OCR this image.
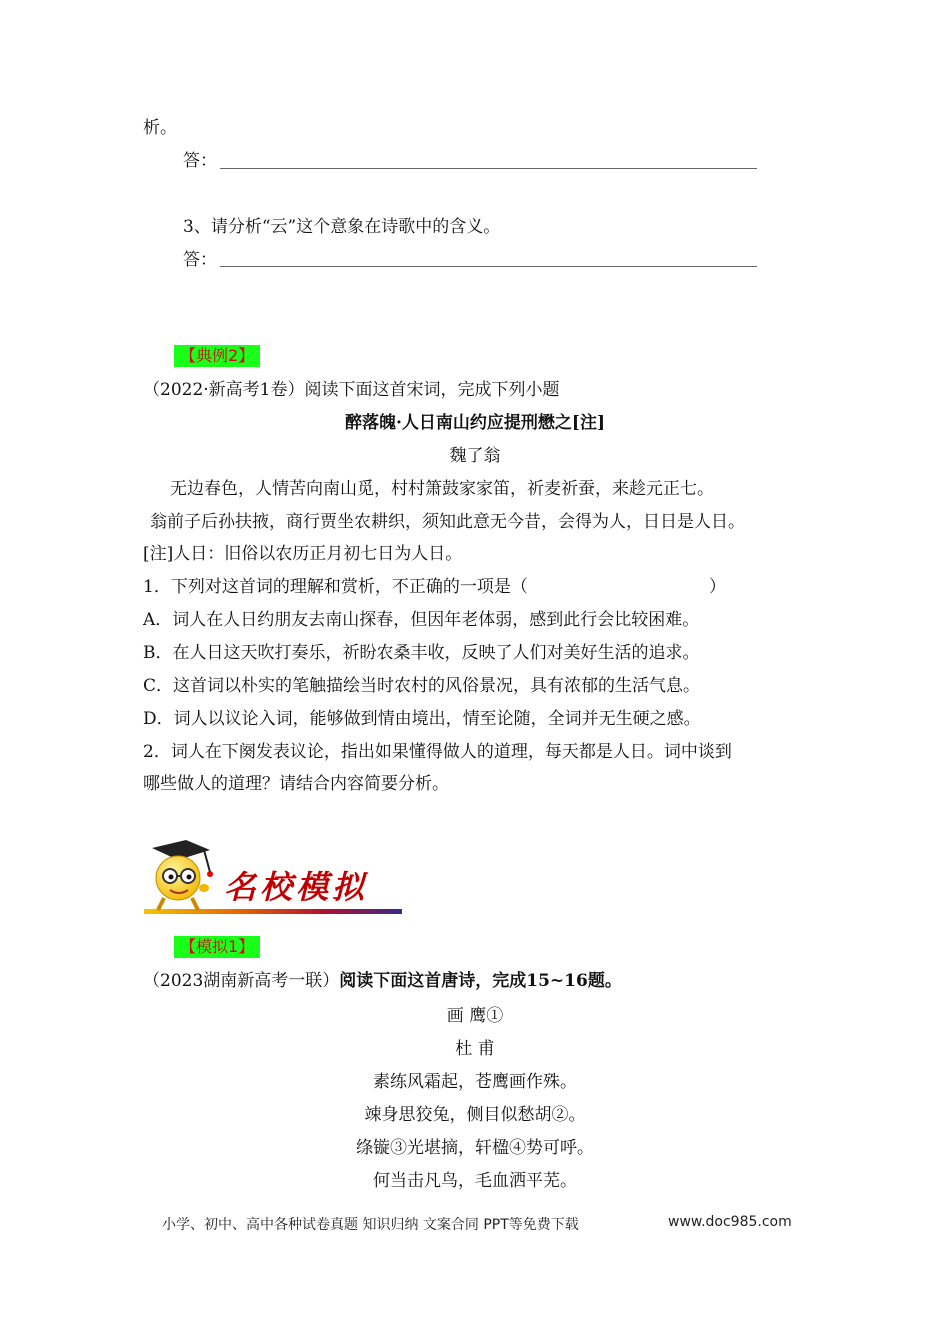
析。
答：
3、请分析“云”这个意象在诗歌中的含义。
答：
【典例2】
（2022·新高考1卷）阅读下面这首宋词，完成下列小题
醉落魄·人日南山约应提刑懋之[注]
魏了翁
无边春色，人情苦向南山觅，村村箫鼓家家笛，祈麦祈蚕，来趁元正七。
翁前子后孙扶掖，商行贾坐农耕织，须知此意无今昔，会得为人，日日是人日。
[注]人日：旧俗以农历正月初七日为人日。
1．下列对这首词的理解和赏析，不正确的一项是（	）
A．词人在人日约朋友去南山探春，但因年老体弱，感到此行会比较困难。
B．在人日这天吹打奏乐，祈盼农桑丰收，反映了人们对美好生活的追求。
C．这首词以朴实的笔触描绘当时农村的风俗景况，具有浓郁的生活气息。
D．词人以议论入词，能够做到情由境出，情至论随，全词并无生硬之感。
2．词人在下阕发表议论，指出如果懂得做人的道理，每天都是人日。词中谈到
哪些做人的道理？请结合内容简要分析。
名校模拟
【模拟1】
（2023湖南新高考一联）阅读下面这首唐诗，完成15~16题。
画 鹰①
杜 甫
素练风霜起，苍鹰画作殊。
竦身思狡兔，侧目似愁胡②。
绦镟③光堪摘，轩楹④势可呼。
何当击凡鸟，毛血洒平芜。
小学、初中、高中各种试卷真题 知识归纳 文案合同 PPT等免费下载	www.doc985.com
